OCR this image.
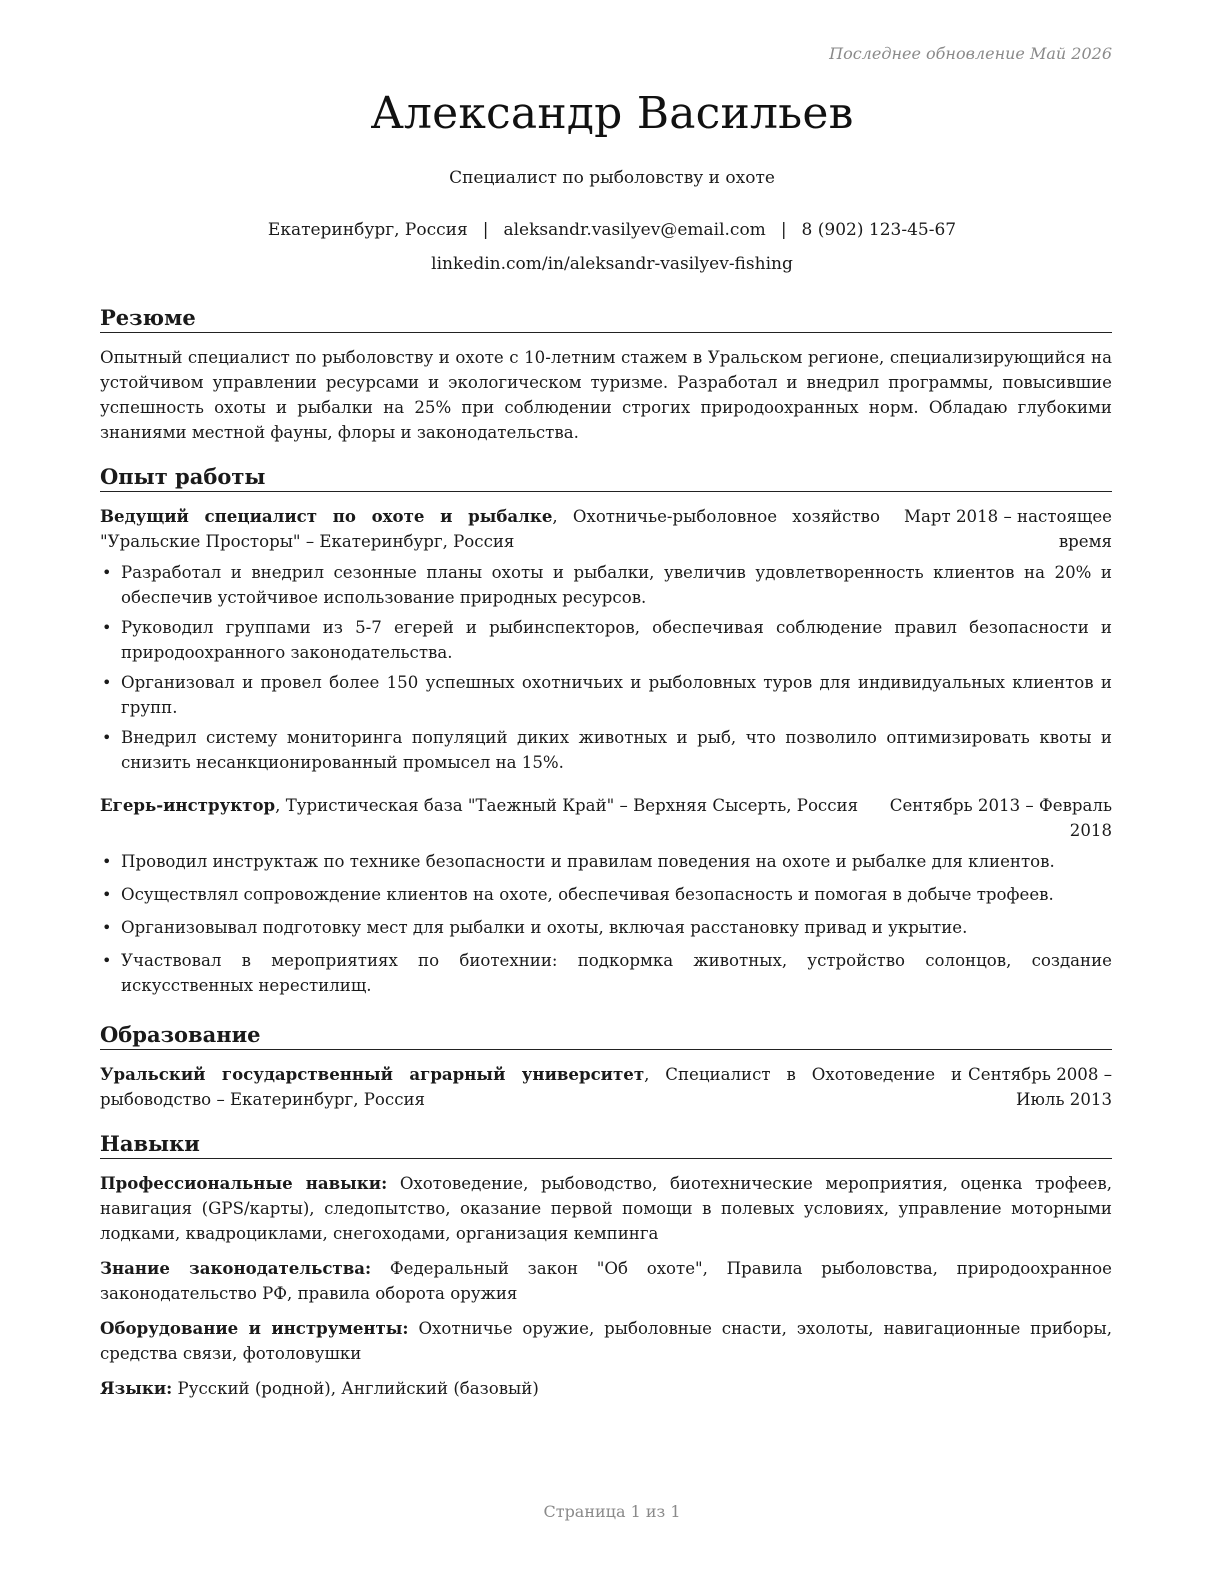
Последнее обновление Май 2026
Александр Васильев
Специалист по рыболовству и охоте
Екатеринбург, Россия | aleksandr.vasilyev@email.com | 8 (902) 123-45-67
linkedin.com/in/aleksandr-vasilyev-fishing
Резюме
Опытный специалист по рыболовству и охоте с 10-летним стажем в Уральском регионе, специализирующийся на устойчивом управлении ресурсами и экологическом туризме. Разработал и внедрил программы, повысившие успешность охоты и рыбалки на 25% при соблюдении строгих природоохранных норм. Обладаю глубокими знаниями местной фауны, флоры и законодательства.
Опыт работы
Ведущий специалист по охоте и рыбалке, Охотничье-рыболовное хозяйство "Уральские Просторы" – Екатеринбург, Россия
Март 2018 – настоящее время
• Разработал и внедрил сезонные планы охоты и рыбалки, увеличив удовлетворенность клиентов на 20% и обеспечив устойчивое использование природных ресурсов.
• Руководил группами из 5-7 егерей и рыбинспекторов, обеспечивая соблюдение правил безопасности и природоохранного законодательства.
• Организовал и провел более 150 успешных охотничьих и рыболовных туров для индивидуальных клиентов и групп.
• Внедрил систему мониторинга популяций диких животных и рыб, что позволило оптимизировать квоты и снизить несанкционированный промысел на 15%.
Егерь-инструктор, Туристическая база "Таежный Край" – Верхняя Сысерть, Россия	Сентябрь 2013 – Февраль 2018
• Проводил инструктаж по технике безопасности и правилам поведения на охоте и рыбалке для клиентов.
• Осуществлял сопровождение клиентов на охоте, обеспечивая безопасность и помогая в добыче трофеев.
• Организовывал подготовку мест для рыбалки и охоты, включая расстановку привад и укрытие.
• Участвовал в мероприятиях по биотехнии: подкормка животных, устройство солонцов, создание искусственных нерестилищ.
Образование
Уральский государственный аграрный университет, Специалист в Охотоведение и рыбоводство – Екатеринбург, Россия
Сентябрь 2008 – Июль 2013
Навыки
Профессиональные навыки: Охотоведение, рыбоводство, биотехнические мероприятия, оценка трофеев, навигация (GPS/карты), следопытство, оказание первой помощи в полевых условиях, управление моторными лодками, квадроциклами, снегоходами, организация кемпинга
Знание законодательства: Федеральный закон "Об охоте", Правила рыболовства, природоохранное законодательство РФ, правила оборота оружия
Оборудование и инструменты: Охотничье оружие, рыболовные снасти, эхолоты, навигационные приборы, средства связи, фотоловушки
Языки: Русский (родной), Английский (базовый)
Страница 1 из 1
